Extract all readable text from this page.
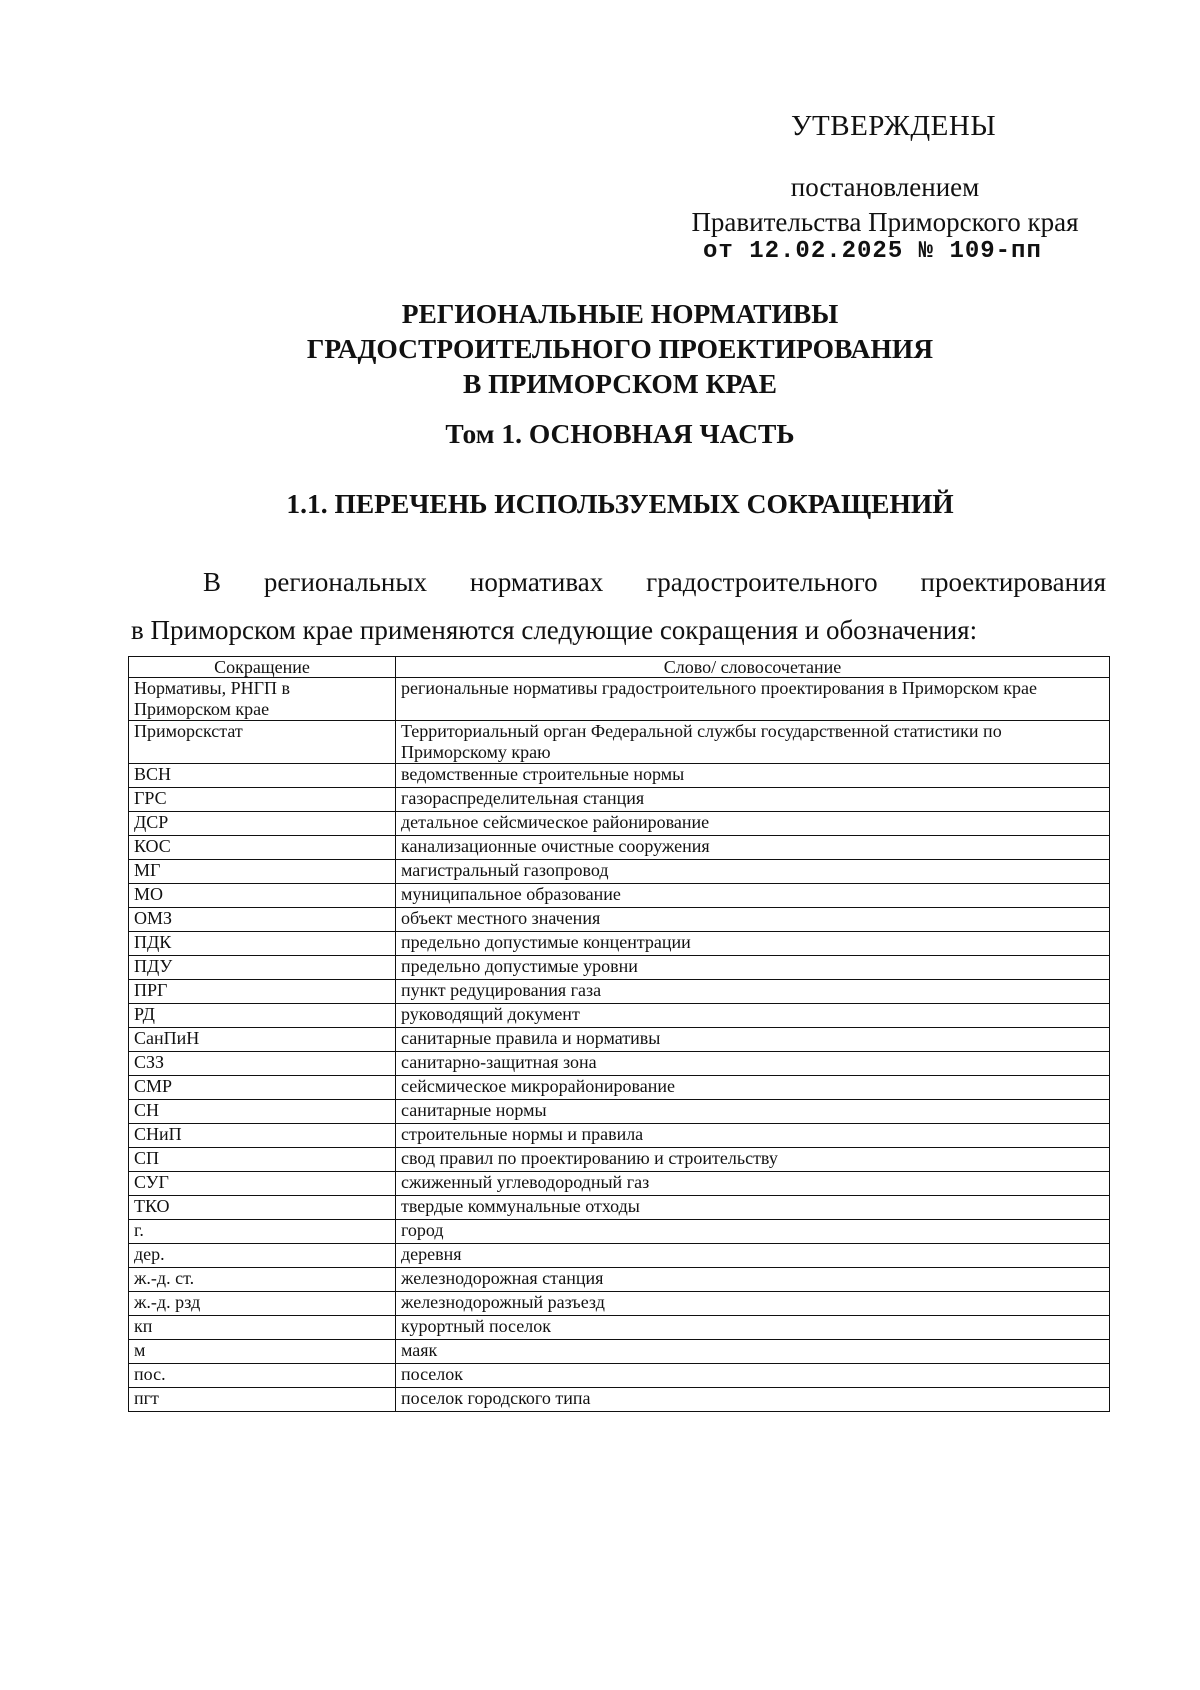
УТВЕРЖДЕНЫ
постановлением
Правительства Приморского края
от 12.02.2025 № 109-пп
РЕГИОНАЛЬНЫЕ НОРМАТИВЫ
ГРАДОСТРОИТЕЛЬНОГО ПРОЕКТИРОВАНИЯ
В ПРИМОРСКОМ КРАЕ
Том 1. ОСНОВНАЯ ЧАСТЬ
1.1. ПЕРЕЧЕНЬ ИСПОЛЬЗУЕМЫХ СОКРАЩЕНИЙ
В региональных нормативах градостроительного проектирования
в Приморском крае применяются следующие сокращения и обозначения:
Сокращение	Слово/ словосочетание
Нормативы, РНГП в Приморском крае	региональные нормативы градостроительного проектирования в Приморском крае
Приморскстат	Территориальный орган Федеральной службы государственной статистики по Приморскому краю
ВСН	ведомственные строительные нормы
ГРС	газораспределительная станция
ДСР	детальное сейсмическое районирование
КОС	канализационные очистные сооружения
МГ	магистральный газопровод
МО	муниципальное образование
ОМЗ	объект местного значения
ПДК	предельно допустимые концентрации
ПДУ	предельно допустимые уровни
ПРГ	пункт редуцирования газа
РД	руководящий документ
СанПиН	санитарные правила и нормативы
СЗЗ	санитарно-защитная зона
СМР	сейсмическое микрорайонирование
СН	санитарные нормы
СНиП	строительные нормы и правила
СП	свод правил по проектированию и строительству
СУГ	сжиженный углеводородный газ
ТКО	твердые коммунальные отходы
г.	город
дер.	деревня
ж.-д. ст.	железнодорожная станция
ж.-д. рзд	железнодорожный разъезд
кп	курортный поселок
м	маяк
пос.	поселок
пгт	поселок городского типа
